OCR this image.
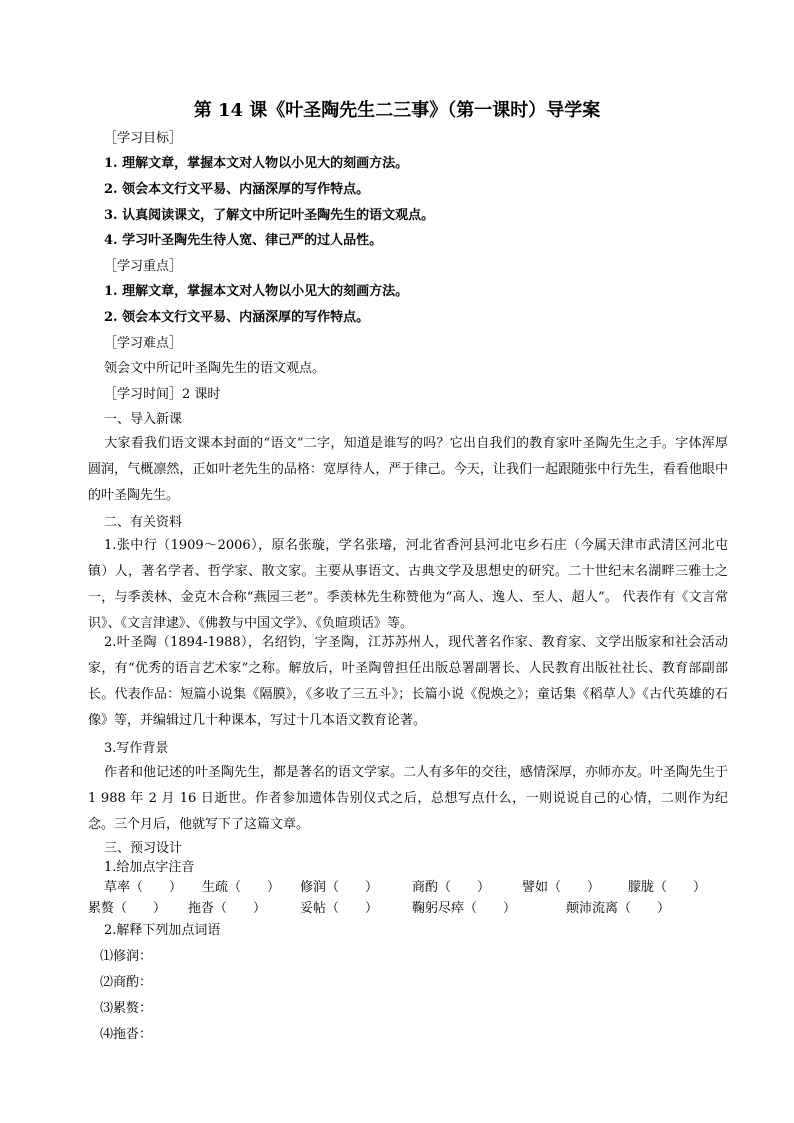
第 14 课《叶圣陶先生二三事》（第一课时）导学案
［学习目标］
1. 理解文章，掌握本文对人物以小见大的刻画方法。
2. 领会本文行文平易、内涵深厚的写作特点。
3. 认真阅读课文，了解文中所记叶圣陶先生的语文观点。
4. 学习叶圣陶先生待人宽、律己严的过人品性。
［学习重点］
1. 理解文章，掌握本文对人物以小见大的刻画方法。
2. 领会本文行文平易、内涵深厚的写作特点。
［学习难点］
领会文中所记叶圣陶先生的语文观点。
［学习时间］2 课时
一、导入新课
大家看我们语文课本封面的“语文”二字，知道是谁写的吗？它出自我们的教育家叶圣陶先生之手。字体浑厚圆润，气概凛然，正如叶老先生的品格：宽厚待人，严于律己。今天，让我们一起跟随张中行先生，看看他眼中的叶圣陶先生。
二、有关资料
1.张中行（1909～2006），原名张璇，学名张璿，河北省香河县河北屯乡石庄（今属天津市武清区河北屯镇）人，著名学者、哲学家、散文家。主要从事语文、古典文学及思想史的研究。二十世纪末名湖畔三雅士之一，与季羡林、金克木合称“燕园三老”。季羡林先生称赞他为“高人、逸人、至人、超人”。 代表作有《文言常识》、《文言津逮》、《佛教与中国文学》、《负暄琐话》等。
2.叶圣陶（1894-1988），名绍钧，字圣陶，江苏苏州人，现代著名作家、教育家、文学出版家和社会活动家，有“优秀的语言艺术家”之称。解放后，叶圣陶曾担任出版总署副署长、人民教育出版社社长、教育部副部长。代表作品：短篇小说集《隔膜》，《多收了三五斗》；长篇小说《倪焕之》；童话集《稻草人》《古代英雄的石像》等，并编辑过几十种课本，写过十几本语文教育论著。
3.写作背景
作者和他记述的叶圣陶先生，都是著名的语文学家。二人有多年的交往，感情深厚，亦师亦友。叶圣陶先生于 1 988 年 2 月 16 日逝世。作者参加遗体告别仪式之后，总想写点什么，一则说说自己的心情，二则作为纪念。三个月后，他就写下了这篇文章。
三、预习设计
1.给加点字注音
草率（　　） 生疏（　　） 修润（　　）	商酌（　　） 譬如（　　） 朦胧（　　）
累赘（　　） 拖沓（　　）	妥帖（　　）	鞠躬尽瘁（　　）	颠沛流离（　　）
2.解释下列加点词语
⑴修润：
⑵商酌：
⑶累赘：
⑷拖沓：
